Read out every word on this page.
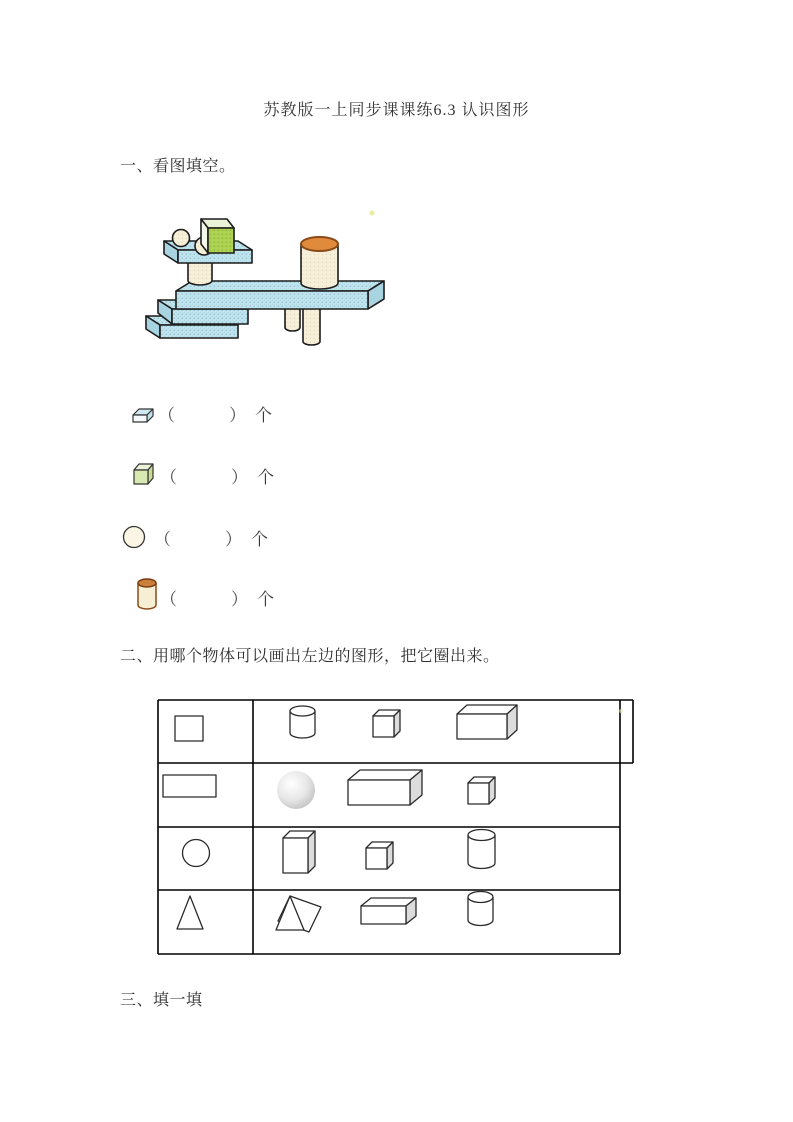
苏教版一上同步课课练6.3 认识图形
一、看图填空。
（	） 个
（	） 个
（	） 个
（	） 个
二、用哪个物体可以画出左边的图形，把它圈出来。
三、填一填
